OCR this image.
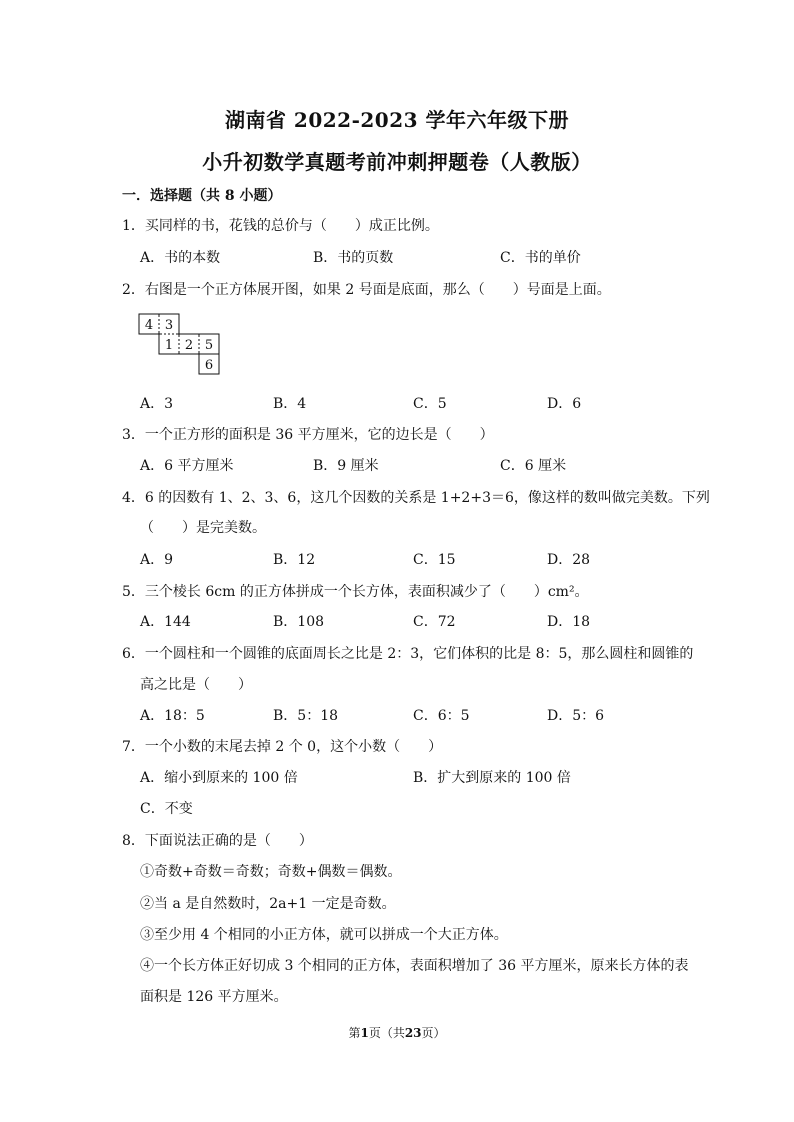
湖南省 2022-2023 学年六年级下册
小升初数学真题考前冲刺押题卷（人教版）
一．选择题（共 8 小题）
1．买同样的书，花钱的总价与（　　）成正比例。
A．书的本数	B．书的页数	C．书的单价
2．右图是一个正方体展开图，如果 2 号面是底面，那么（　　）号面是上面。
4 3
1 2 5
6
A．3	B．4	C．5	D．6
3．一个正方形的面积是 36 平方厘米，它的边长是（　　）
A．6 平方厘米	B．9 厘米	C．6 厘米
4．6 的因数有 1、2、3、6，这几个因数的关系是 1+2+3＝6，像这样的数叫做完美数。下列
（　　）是完美数。
A．9	B．12	C．15	D．28
5．三个棱长 6cm 的正方体拼成一个长方体，表面积减少了（　　）cm²。
A．144	B．108	C．72	D．18
6．一个圆柱和一个圆锥的底面周长之比是 2：3，它们体积的比是 8：5，那么圆柱和圆锥的
高之比是（　　）
A．18：5	B．5：18	C．6：5	D．5：6
7．一个小数的末尾去掉 2 个 0，这个小数（　　）
A．缩小到原来的 100 倍	B．扩大到原来的 100 倍
C．不变
8．下面说法正确的是（　　）
①奇数+奇数＝奇数；奇数+偶数＝偶数。
②当 a 是自然数时，2a+1 一定是奇数。
③至少用 4 个相同的小正方体，就可以拼成一个大正方体。
④一个长方体正好切成 3 个相同的正方体，表面积增加了 36 平方厘米，原来长方体的表
面积是 126 平方厘米。
第1页（共23页）
